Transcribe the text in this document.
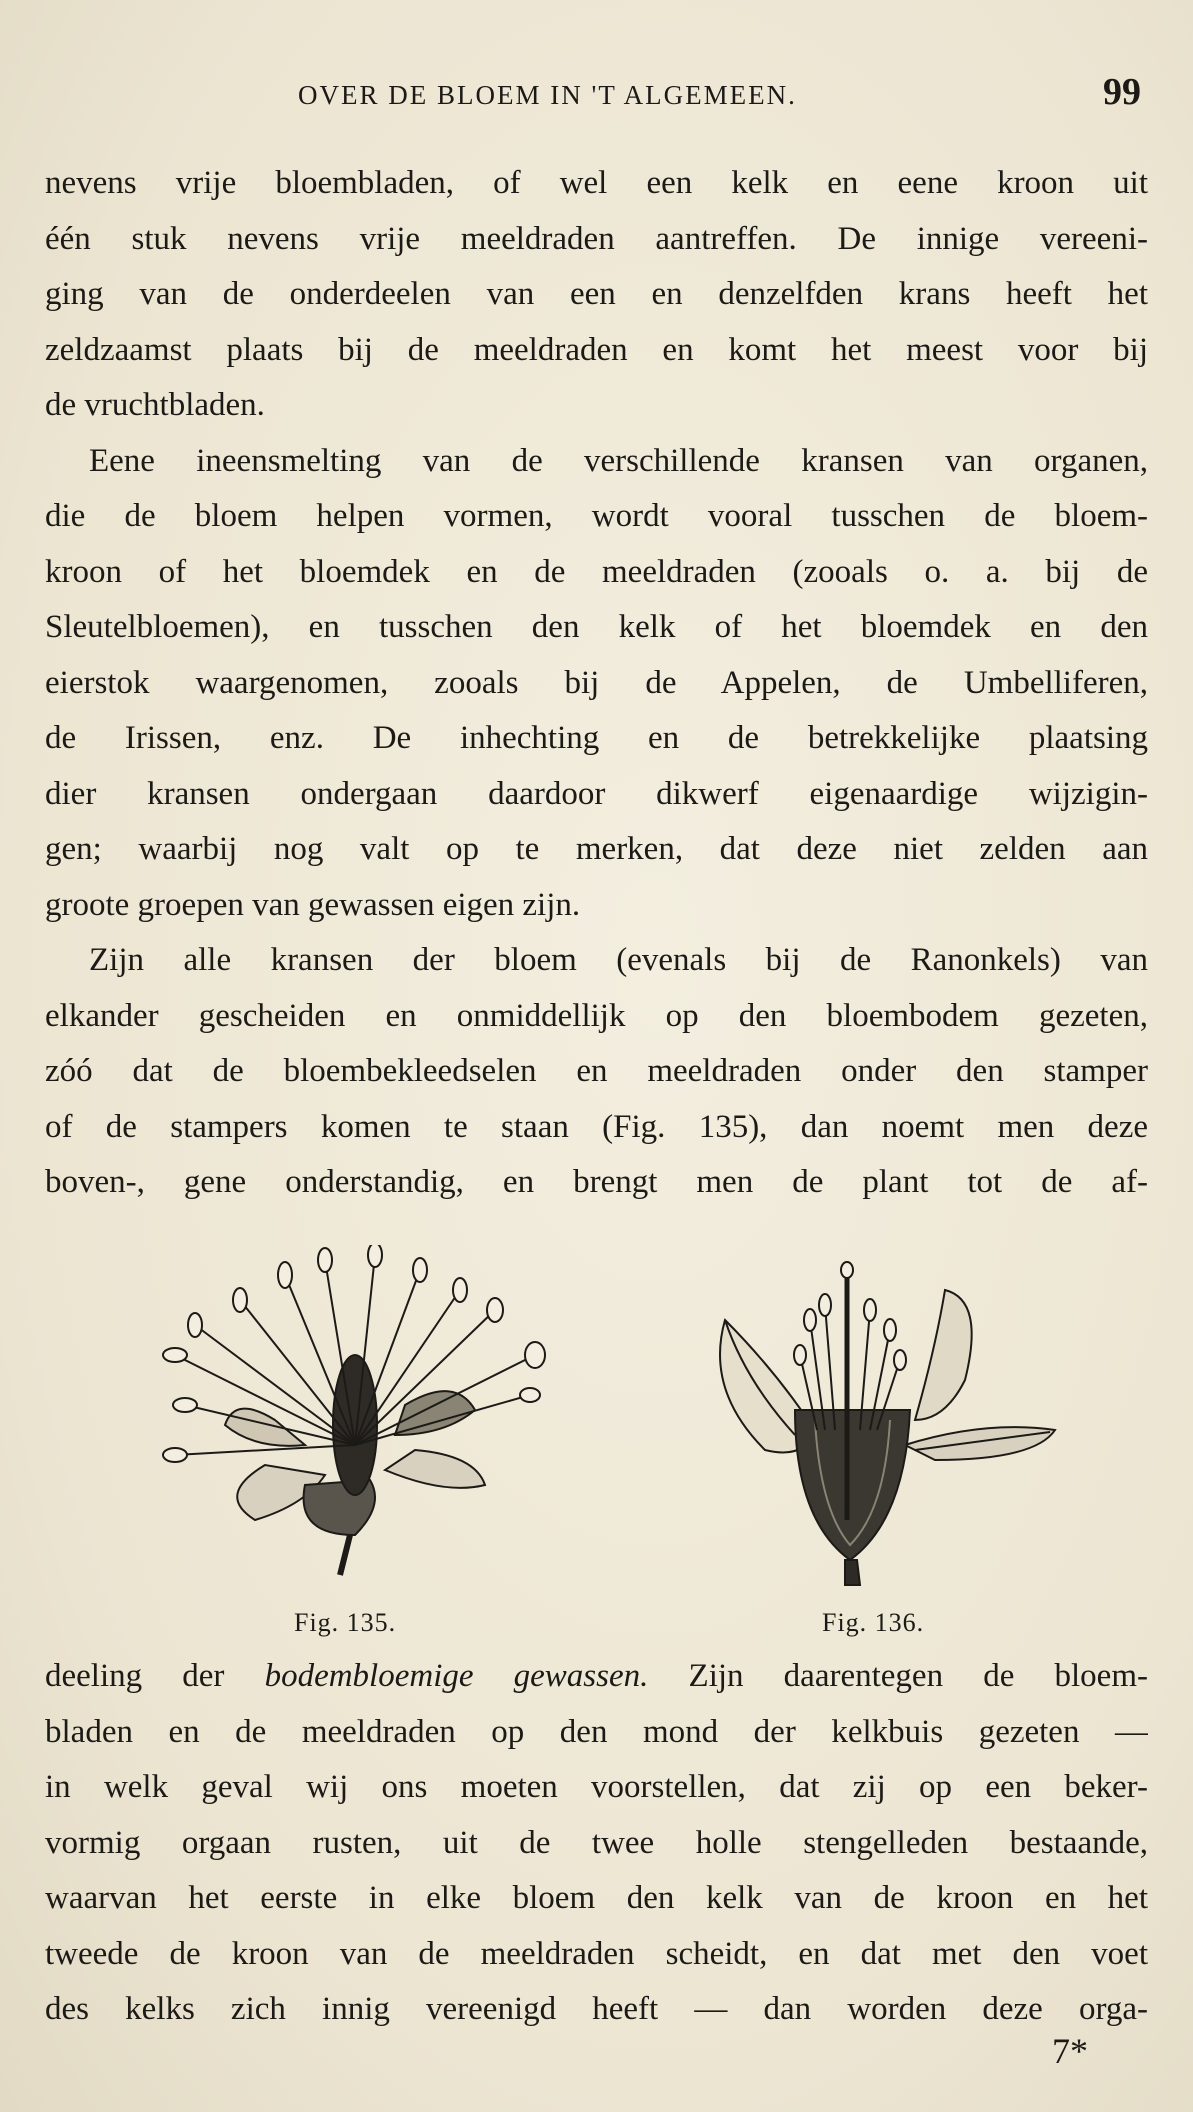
OVER DE BLOEM IN 'T ALGEMEEN.	99
nevens vrije bloembladen, of wel een kelk en eene kroon uit
één stuk nevens vrije meeldraden aantreffen. De innige vereeni-
ging van de onderdeelen van een en denzelfden krans heeft het
zeldzaamst plaats bij de meeldraden en komt het meest voor bij
de vruchtbladen.
Eene ineensmelting van de verschillende kransen van organen,
die de bloem helpen vormen, wordt vooral tusschen de bloem-
kroon of het bloemdek en de meeldraden (zooals o. a. bij de
Sleutelbloemen), en tusschen den kelk of het bloemdek en den
eierstok waargenomen, zooals bij de Appelen, de Umbelliferen,
de Irissen, enz. De inhechting en de betrekkelijke plaatsing
dier kransen ondergaan daardoor dikwerf eigenaardige wijzigin-
gen; waarbij nog valt op te merken, dat deze niet zelden aan
groote groepen van gewassen eigen zijn.
Zijn alle kransen der bloem (evenals bij de Ranonkels) van
elkander gescheiden en onmiddellijk op den bloembodem gezeten,
zóó dat de bloembekleedselen en meeldraden onder den stamper
of de stampers komen te staan (Fig. 135), dan noemt men deze
boven-, gene onderstandig, en brengt men de plant tot de af-
Fig. 135.	Fig. 136.
deeling der bodembloemige gewassen. Zijn daarentegen de bloem-
bladen en de meeldraden op den mond der kelkbuis gezeten —
in welk geval wij ons moeten voorstellen, dat zij op een beker-
vormig orgaan rusten, uit de twee holle stengelleden bestaande,
waarvan het eerste in elke bloem den kelk van de kroon en het
tweede de kroon van de meeldraden scheidt, en dat met den voet
des kelks zich innig vereenigd heeft — dan worden deze orga-
7*
